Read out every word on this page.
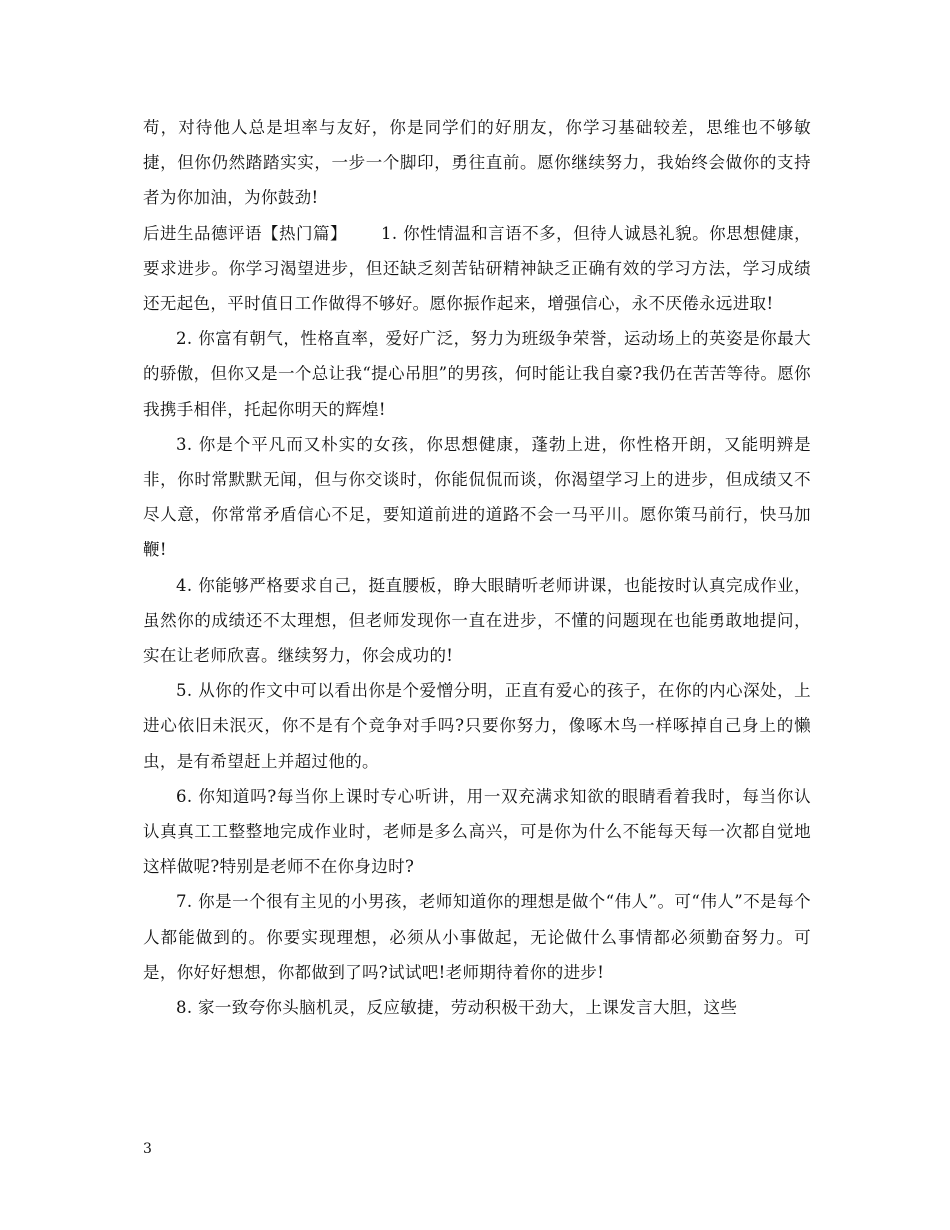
苟，对待他人总是坦率与友好，你是同学们的好朋友，你学习基础较差，思维也不够敏捷，但你仍然踏踏实实，一步一个脚印，勇往直前。愿你继续努力，我始终会做你的支持者为你加油，为你鼓劲!

后进生品德评语【热门篇】 1. 你性情温和言语不多，但待人诚恳礼貌。你思想健康，要求进步。你学习渴望进步，但还缺乏刻苦钻研精神缺乏正确有效的学习方法，学习成绩还无起色，平时值日工作做得不够好。愿你振作起来，增强信心，永不厌倦永远进取!

2. 你富有朝气，性格直率，爱好广泛，努力为班级争荣誉，运动场上的英姿是你最大的骄傲，但你又是一个总让我“提心吊胆”的男孩，何时能让我自豪?我仍在苦苦等待。愿你我携手相伴，托起你明天的辉煌!

3. 你是个平凡而又朴实的女孩，你思想健康，蓬勃上进，你性格开朗，又能明辨是非，你时常默默无闻，但与你交谈时，你能侃侃而谈，你渴望学习上的进步，但成绩又不尽人意，你常常矛盾信心不足，要知道前进的道路不会一马平川。愿你策马前行，快马加鞭!

4. 你能够严格要求自己，挺直腰板，睁大眼睛听老师讲课，也能按时认真完成作业，虽然你的成绩还不太理想，但老师发现你一直在进步，不懂的问题现在也能勇敢地提问，实在让老师欣喜。继续努力，你会成功的!

5. 从你的作文中可以看出你是个爱憎分明，正直有爱心的孩子，在你的内心深处，上进心依旧未泯灭，你不是有个竞争对手吗?只要你努力，像啄木鸟一样啄掉自己身上的懒虫，是有希望赶上并超过他的。

6. 你知道吗?每当你上课时专心听讲，用一双充满求知欲的眼睛看着我时，每当你认认真真工工整整地完成作业时，老师是多么高兴，可是你为什么不能每天每一次都自觉地这样做呢?特别是老师不在你身边时?

7. 你是一个很有主见的小男孩，老师知道你的理想是做个“伟人”。可“伟人”不是每个人都能做到的。你要实现理想，必须从小事做起，无论做什么事情都必须勤奋努力。可是，你好好想想，你都做到了吗?试试吧!老师期待着你的进步!

8. 家一致夸你头脑机灵，反应敏捷，劳动积极干劲大，上课发言大胆，这些

3
